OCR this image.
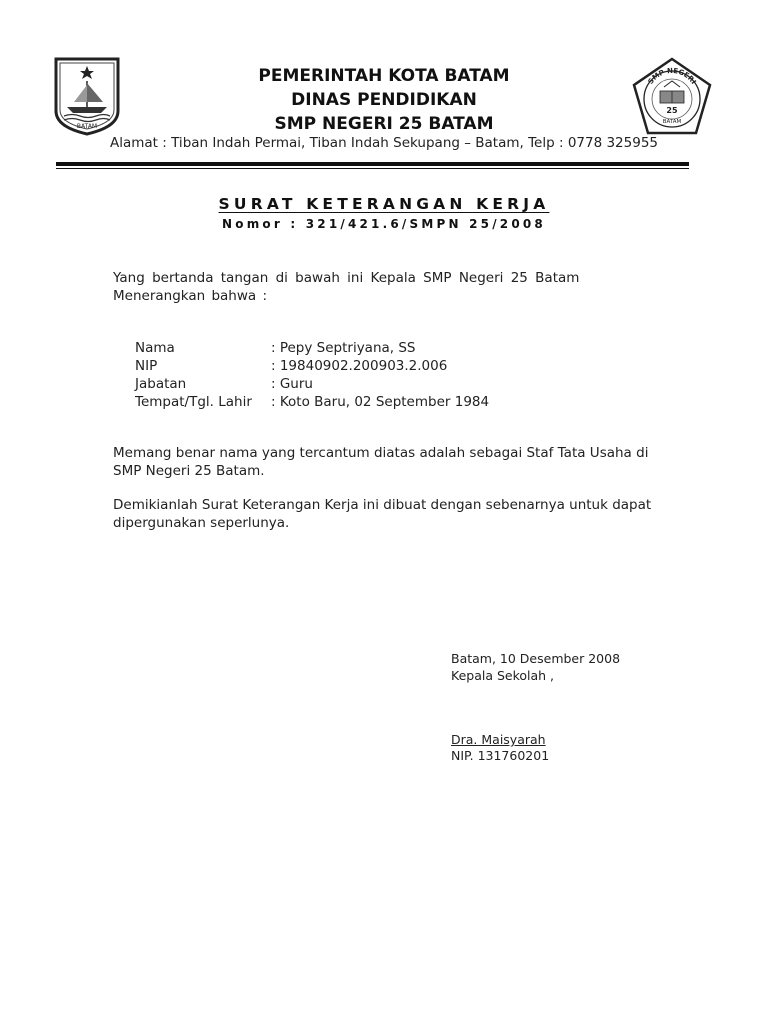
BATAM
SMP NEGERI
25
BATAM
PEMERINTAH KOTA BATAM
DINAS PENDIDIKAN
SMP NEGERI 25 BATAM
Alamat : Tiban Indah Permai, Tiban Indah Sekupang – Batam, Telp : 0778 325955
SURAT KETERANGAN KERJA
Nomor : 321/421.6/SMPN 25/2008
Yang bertanda tangan di bawah ini Kepala SMP Negeri 25 Batam
Menerangkan bahwa :
Nama	: Pepy Septriyana, SS
NIP	: 19840902.200903.2.006
Jabatan	: Guru
Tempat/Tgl. Lahir	: Koto Baru, 02 September 1984
Memang benar nama yang tercantum diatas adalah sebagai Staf Tata Usaha di SMP Negeri 25 Batam.
Demikianlah Surat Keterangan Kerja ini dibuat dengan sebenarnya untuk dapat dipergunakan seperlunya.
Batam, 10 Desember 2008
Kepala Sekolah ,
Dra. Maisyarah
NIP. 131760201
